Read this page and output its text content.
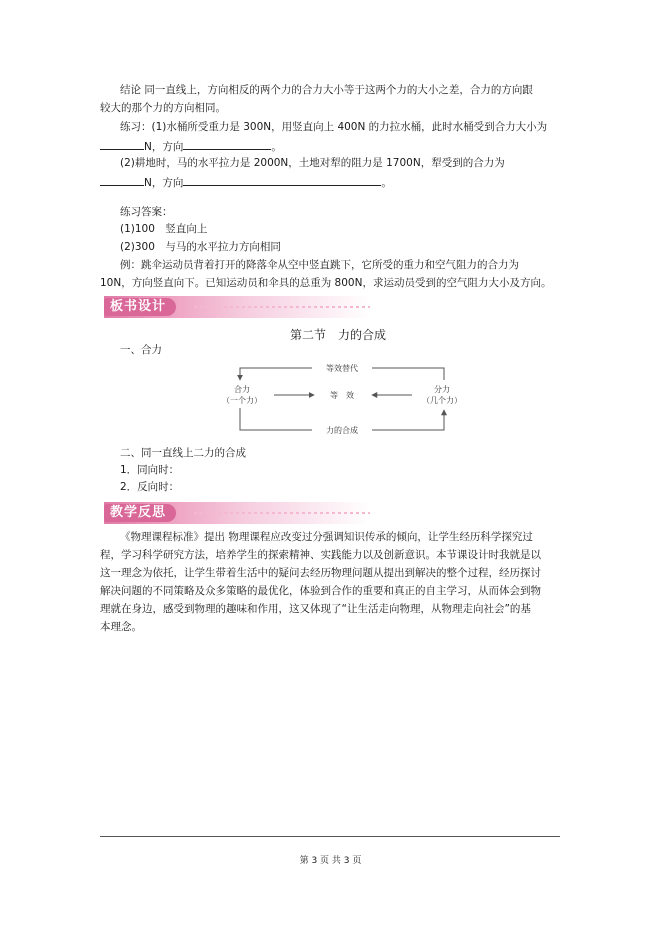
结论 同一直线上，方向相反的两个力的合力大小等于这两个力的大小之差，合力的方向跟
较大的那个力的方向相同。
练习：(1)水桶所受重力是 300N，用竖直向上 400N 的力拉水桶，此时水桶受到合力大小为
N，方向	。
(2)耕地时，马的水平拉力是 2000N，土地对犁的阻力是 1700N，犁受到的合力为
N，方向	。
练习答案：
(1)100　竖直向上
(2)300　与马的水平拉力方向相同
例：跳伞运动员背着打开的降落伞从空中竖直跳下，它所受的重力和空气阻力的合力为
10N，方向竖直向下。已知运动员和伞具的总重为 800N，求运动员受到的空气阻力大小及方向。
板书设计
第二节　力的合成
一、合力
等效替代
等　效
力的合成
合力
（一个力）
分力
（几个力）
二、同一直线上二力的合成
1．同向时：
2．反向时：
教学反思
《物理课程标准》提出 物理课程应改变过分强调知识传承的倾向，让学生经历科学探究过
程，学习科学研究方法，培养学生的探索精神、实践能力以及创新意识。本节课设计时我就是以
这一理念为依托，让学生带着生活中的疑问去经历物理问题从提出到解决的整个过程，经历探讨
解决问题的不同策略及众多策略的最优化，体验到合作的重要和真正的自主学习，从而体会到物
理就在身边，感受到物理的趣味和作用，这又体现了“让生活走向物理，从物理走向社会”的基
本理念。
第 3 页 共 3 页
